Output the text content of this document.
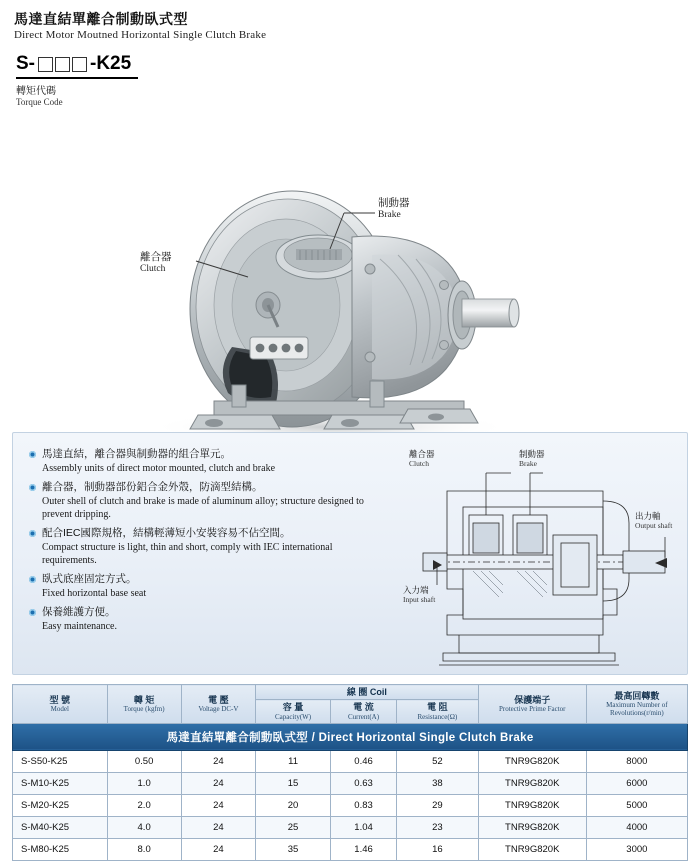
馬達直結單離合制動臥式型
Direct Motor Moutned Horizontal Single Clutch Brake
S-	-K25
轉矩代碼
Torque Code
離合器
Clutch
制動器
Brake
馬達直結，離合器與制動器的組合單元。
Assembly units of direct motor mounted, clutch and brake
離合器，制動器部份鋁合金外殼，防滴型結構。
Outer shell of clutch and brake is made of aluminum alloy; structure designed to prevent dripping.
配合IEC國際規格，結構輕薄短小安裝容易不佔空間。
Compact structure is light, thin and short, comply with IEC international requirements.
臥式底座固定方式。
Fixed horizontal base seat
保養維護方便。
Easy maintenance.
離合器
Clutch
制動器
Brake
出力軸
Output shaft
入力端
Input shaft
馬達直結單離合制動臥式型 / Direct Horizontal Single Clutch Brake							

型 號
Model	轉 矩
Torque (kgfm)	電 壓
Voltage DC-V	線 圈 Coil			保護端子
Protective Prime Factor	最高回轉數
Maximum Number of Revolutions(r/min)

			容 量
Capacity(W)	電 流
Current(A)	電 阻
Resistance(Ω)		

S-S50-K25	0.50	24	11	0.46	52	TNR9G820K	8000
S-M10-K25	1.0	24	15	0.63	38	TNR9G820K	6000
S-M20-K25	2.0	24	20	0.83	29	TNR9G820K	5000
S-M40-K25	4.0	24	25	1.04	23	TNR9G820K	4000
S-M80-K25	8.0	24	35	1.46	16	TNR9G820K	3000
